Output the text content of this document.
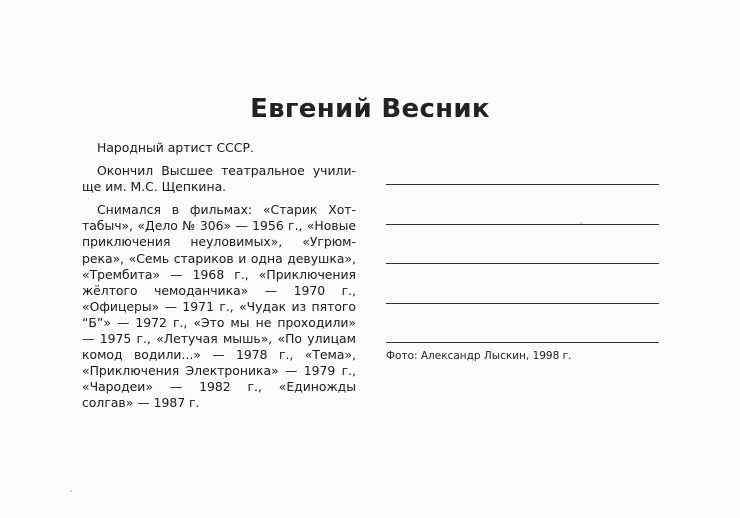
Евгений Весник

Народный артист СССР.

Окончил Высшее театральное училище им. М.С. Щепкина.

Снимался в фильмах: «Старик Хоттабыч», «Дело № 306» — 1956 г., «Новые приключения неуловимых», «Угрюм-река», «Семь стариков и одна девушка», «Трембита» — 1968 г., «Приключения жёлтого чемоданчика» — 1970 г., «Офицеры» — 1971 г., «Чудак из пятого “Б”» — 1972 г., «Это мы не проходили» — 1975 г., «Летучая мышь», «По улицам комод водили...» — 1978 г., «Тема», «Приключения Электроника» — 1979 г., «Чародеи» — 1982 г., «Единожды солгав» — 1987 г.

Фото: Александр Лыскин, 1998 г.
